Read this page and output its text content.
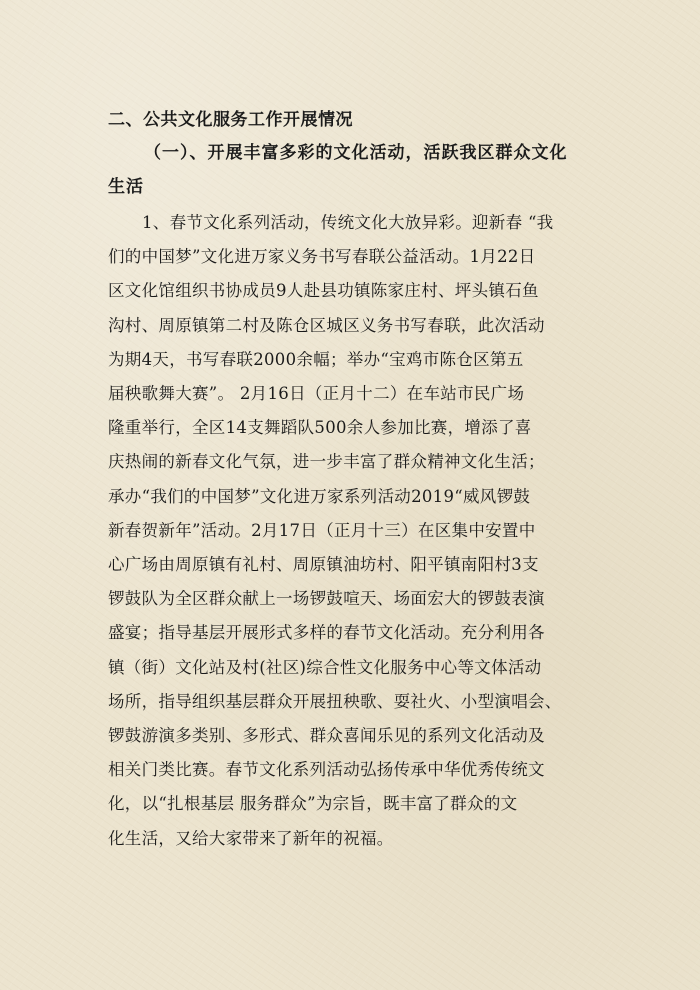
二、公共文化服务工作开展情况

（一）、开展丰富多彩的文化活动，活跃我区群众文化

生活

1、春节文化系列活动，传统文化大放异彩。迎新春 “我

们的中国梦”文化进万家义务书写春联公益活动。1月22日

区文化馆组织书协成员9人赴县功镇陈家庄村、坪头镇石鱼

沟村、周原镇第二村及陈仓区城区义务书写春联，此次活动

为期4天，书写春联2000余幅；举办“宝鸡市陈仓区第五

届秧歌舞大赛”。 2月16日（正月十二）在车站市民广场

隆重举行，全区14支舞蹈队500余人参加比赛，增添了喜

庆热闹的新春文化气氛，进一步丰富了群众精神文化生活；

承办“我们的中国梦”文化进万家系列活动2019“威风锣鼓

新春贺新年”活动。2月17日（正月十三）在区集中安置中

心广场由周原镇有礼村、周原镇油坊村、阳平镇南阳村3支

锣鼓队为全区群众献上一场锣鼓喧天、场面宏大的锣鼓表演

盛宴；指导基层开展形式多样的春节文化活动。充分利用各

镇（街）文化站及村(社区)综合性文化服务中心等文体活动

场所，指导组织基层群众开展扭秧歌、耍社火、小型演唱会、

锣鼓游演多类别、多形式、群众喜闻乐见的系列文化活动及

相关门类比赛。春节文化系列活动弘扬传承中华优秀传统文

化，以“扎根基层 服务群众”为宗旨，既丰富了群众的文

化生活，又给大家带来了新年的祝福。
